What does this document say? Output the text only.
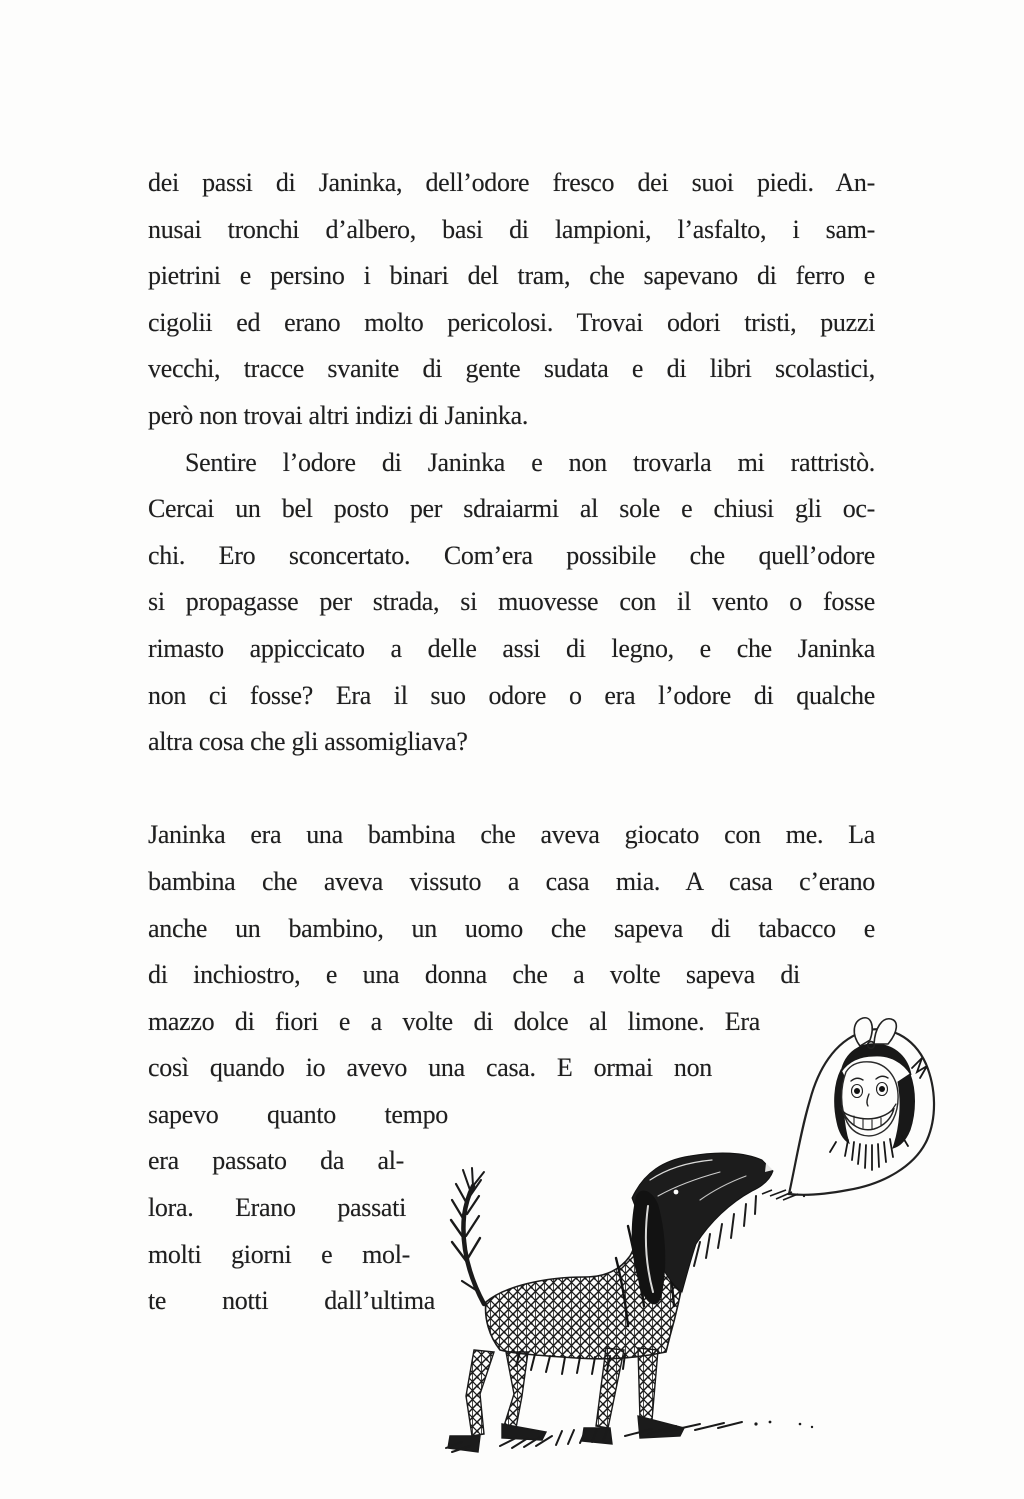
dei passi di Janinka, dell’odore fresco dei suoi piedi. An-
nusai tronchi d’albero, basi di lampioni, l’asfalto, i sam-
pietrini e persino i binari del tram, che sapevano di ferro e
cigolii ed erano molto pericolosi. Trovai odori tristi, puzzi
vecchi, tracce svanite di gente sudata e di libri scolastici,
però non trovai altri indizi di Janinka.
Sentire l’odore di Janinka e non trovarla mi rattristò.
Cercai un bel posto per sdraiarmi al sole e chiusi gli oc-
chi. Ero sconcertato. Com’era possibile che quell’odore
si propagasse per strada, si muovesse con il vento o fosse
rimasto appiccicato a delle assi di legno, e che Janinka
non ci fosse? Era il suo odore o era l’odore di qualche
altra cosa che gli assomigliava?
Janinka era una bambina che aveva giocato con me. La
bambina che aveva vissuto a casa mia. A casa c’erano
anche un bambino, un uomo che sapeva di tabacco e
di inchiostro, e una donna che a volte sapeva di
mazzo di fiori e a volte di dolce al limone. Era
così quando io avevo una casa. E ormai non
sapevo quanto tempo
era passato da al-
lora. Erano passati
molti giorni e mol-
te notti dall’ultima
